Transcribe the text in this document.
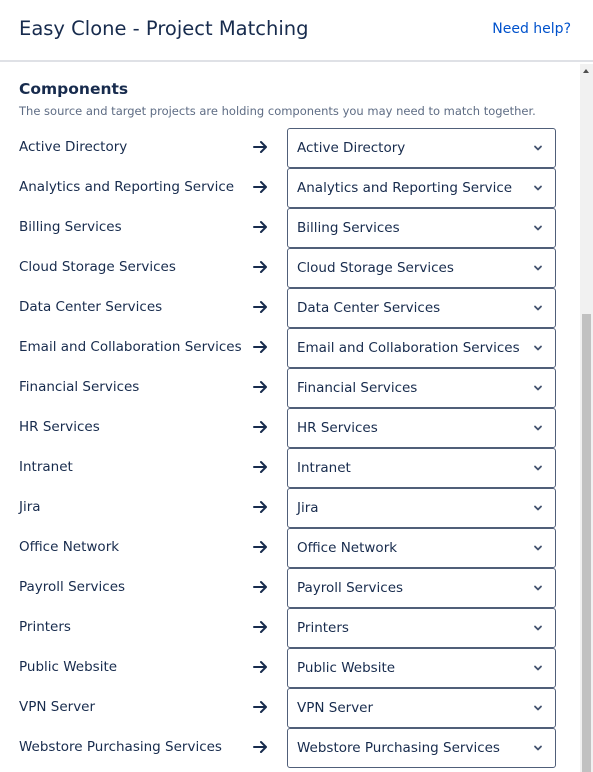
Easy Clone - Project Matching	Need help?
Components
The source and target projects are holding components you may need to match together.
Active Directory	Active Directory
Analytics and Reporting Service	Analytics and Reporting Service
Billing Services	Billing Services
Cloud Storage Services	Cloud Storage Services
Data Center Services	Data Center Services
Email and Collaboration Services	Email and Collaboration Services
Financial Services	Financial Services
HR Services	HR Services
Intranet	Intranet
Jira	Jira
Office Network	Office Network
Payroll Services	Payroll Services
Printers	Printers
Public Website	Public Website
VPN Server	VPN Server
Webstore Purchasing Services	Webstore Purchasing Services
